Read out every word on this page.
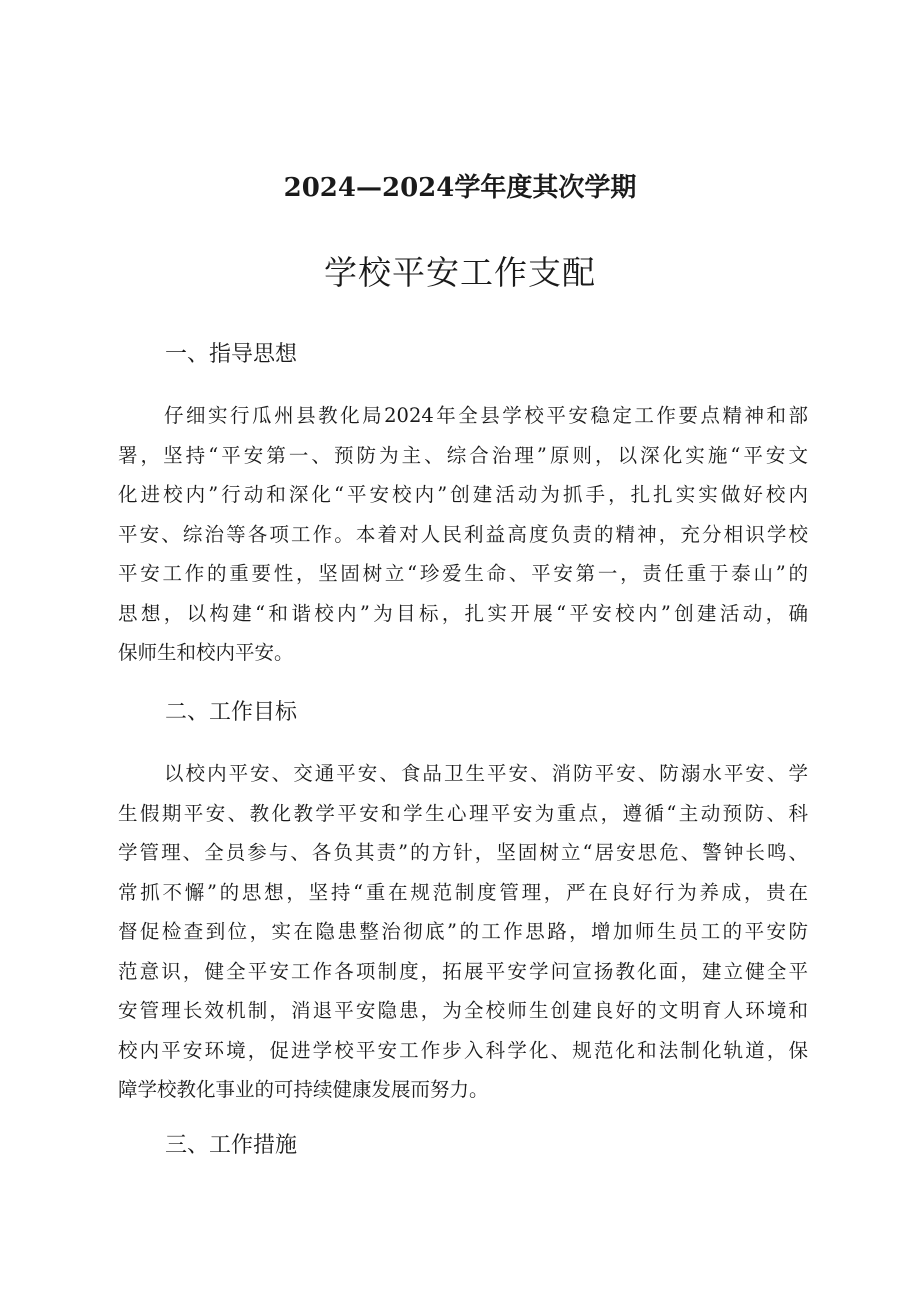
2024—2024学年度其次学期
学校平安工作支配
一、指导思想
仔细实行瓜州县教化局2024年全县学校平安稳定工作要点精神和部
署，坚持“平安第一、预防为主、综合治理”原则，以深化实施“平安文
化进校内”行动和深化“平安校内”创建活动为抓手，扎扎实实做好校内
平安、综治等各项工作。本着对人民利益高度负责的精神，充分相识学校
平安工作的重要性，坚固树立“珍爱生命、平安第一，责任重于泰山”的
思想，以构建“和谐校内”为目标，扎实开展“平安校内”创建活动，确
保师生和校内平安。
二、工作目标
以校内平安、交通平安、食品卫生平安、消防平安、防溺水平安、学
生假期平安、教化教学平安和学生心理平安为重点，遵循“主动预防、科
学管理、全员参与、各负其责”的方针，坚固树立“居安思危、警钟长鸣、
常抓不懈”的思想，坚持“重在规范制度管理，严在良好行为养成，贵在
督促检查到位，实在隐患整治彻底”的工作思路，增加师生员工的平安防
范意识，健全平安工作各项制度，拓展平安学问宣扬教化面，建立健全平
安管理长效机制，消退平安隐患，为全校师生创建良好的文明育人环境和
校内平安环境，促进学校平安工作步入科学化、规范化和法制化轨道，保
障学校教化事业的可持续健康发展而努力。
三、工作措施
